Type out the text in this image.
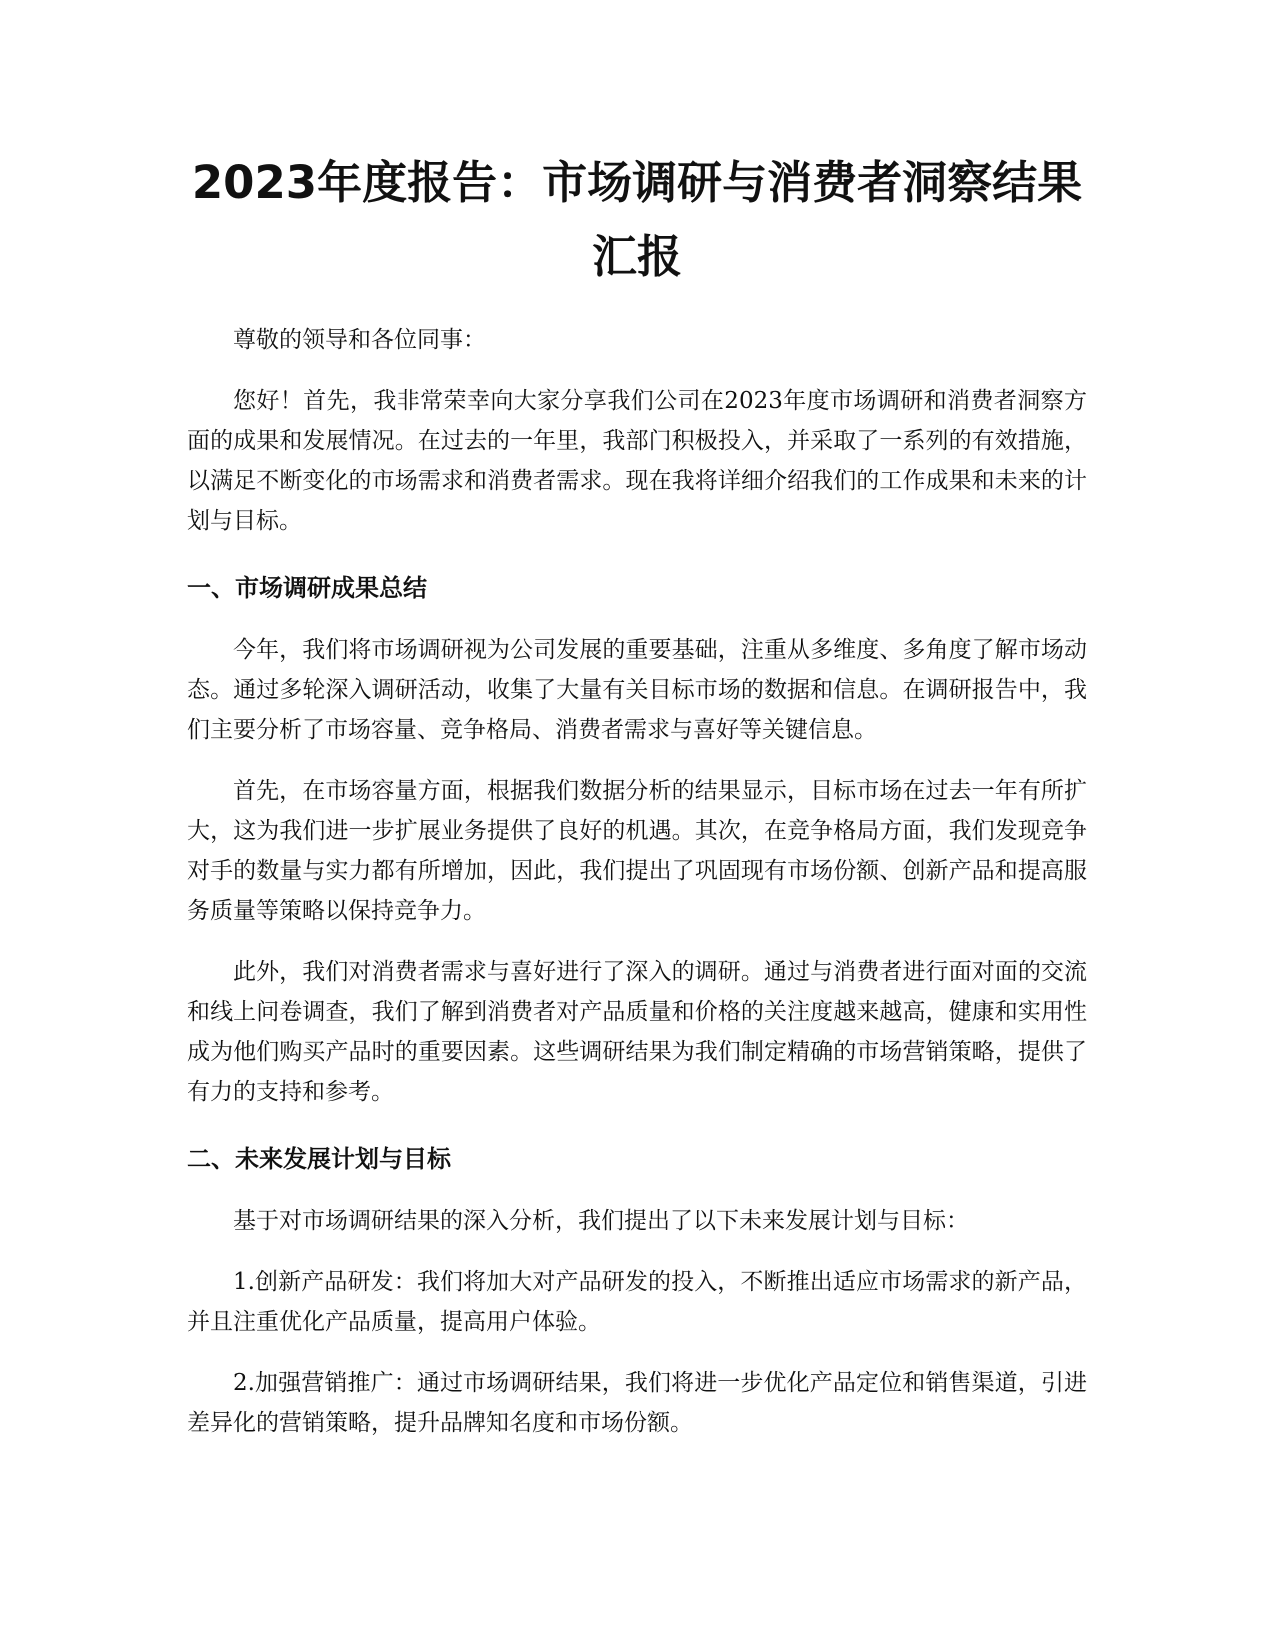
2023年度报告：市场调研与消费者洞察结果
汇报

尊敬的领导和各位同事：

您好！首先，我非常荣幸向大家分享我们公司在2023年度市场调研和消费者洞察方面的成果和发展情况。在过去的一年里，我部门积极投入，并采取了一系列的有效措施，以满足不断变化的市场需求和消费者需求。现在我将详细介绍我们的工作成果和未来的计划与目标。

一、市场调研成果总结

今年，我们将市场调研视为公司发展的重要基础，注重从多维度、多角度了解市场动态。通过多轮深入调研活动，收集了大量有关目标市场的数据和信息。在调研报告中，我们主要分析了市场容量、竞争格局、消费者需求与喜好等关键信息。

首先，在市场容量方面，根据我们数据分析的结果显示，目标市场在过去一年有所扩大，这为我们进一步扩展业务提供了良好的机遇。其次，在竞争格局方面，我们发现竞争对手的数量与实力都有所增加，因此，我们提出了巩固现有市场份额、创新产品和提高服务质量等策略以保持竞争力。

此外，我们对消费者需求与喜好进行了深入的调研。通过与消费者进行面对面的交流和线上问卷调查，我们了解到消费者对产品质量和价格的关注度越来越高，健康和实用性成为他们购买产品时的重要因素。这些调研结果为我们制定精确的市场营销策略，提供了有力的支持和参考。

二、未来发展计划与目标

基于对市场调研结果的深入分析，我们提出了以下未来发展计划与目标：

1.创新产品研发：我们将加大对产品研发的投入，不断推出适应市场需求的新产品，并且注重优化产品质量，提高用户体验。

2.加强营销推广：通过市场调研结果，我们将进一步优化产品定位和销售渠道，引进差异化的营销策略，提升品牌知名度和市场份额。
